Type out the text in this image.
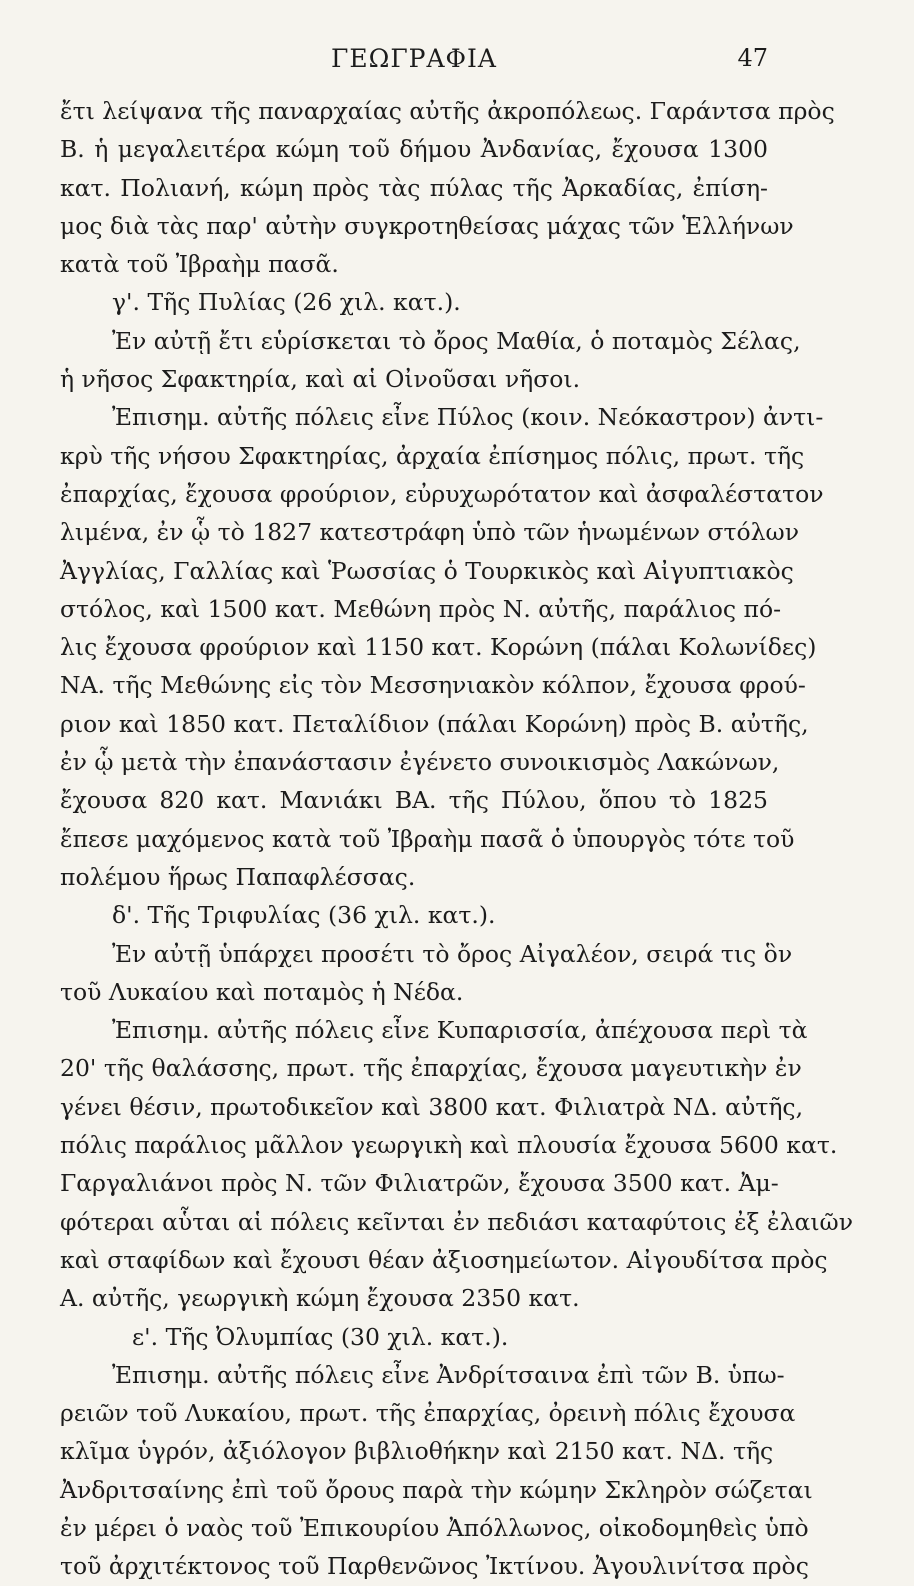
ΓΕΩΓΡΑΦΙΑ	47
ἔτι λείψανα τῆς παναρχαίας αὐτῆς ἀκροπόλεως. Γαράντσα πρὸς
Β. ἡ μεγαλειτέρα κώμη τοῦ δήμου Ἀνδανίας, ἔχουσα 1300
κατ. Πολιανή, κώμη πρὸς τὰς πύλας τῆς Ἀρκαδίας, ἐπίση-
μος διὰ τὰς παρ' αὐτὴν συγκροτηθείσας μάχας τῶν Ἑλλήνων
κατὰ τοῦ Ἰβραὴμ πασᾶ.
γ'. Τῆς Πυλίας (26 χιλ. κατ.).
Ἐν αὐτῇ ἔτι εὑρίσκεται τὸ ὄρος Μαθία, ὁ ποταμὸς Σέλας,
ἡ νῆσος Σφακτηρία, καὶ αἱ Οἰνοῦσαι νῆσοι.
Ἐπισημ. αὐτῆς πόλεις εἶνε Πύλος (κοιν. Νεόκαστρον) ἀντι-
κρὺ τῆς νήσου Σφακτηρίας, ἀρχαία ἐπίσημος πόλις, πρωτ. τῆς
ἐπαρχίας, ἔχουσα φρούριον, εὐρυχωρότατον καὶ ἀσφαλέστατον
λιμένα, ἐν ᾧ τὸ 1827 κατεστράφη ὑπὸ τῶν ἡνωμένων στόλων
Ἀγγλίας, Γαλλίας καὶ Ῥωσσίας ὁ Τουρκικὸς καὶ Αἰγυπτιακὸς
στόλος, καὶ 1500 κατ. Μεθώνη πρὸς Ν. αὐτῆς, παράλιος πό-
λις ἔχουσα φρούριον καὶ 1150 κατ. Κορώνη (πάλαι Κολωνίδες)
ΝΑ. τῆς Μεθώνης εἰς τὸν Μεσσηνιακὸν κόλπον, ἔχουσα φρού-
ριον καὶ 1850 κατ. Πεταλίδιον (πάλαι Κορώνη) πρὸς Β. αὐτῆς,
ἐν ᾧ μετὰ τὴν ἐπανάστασιν ἐγένετο συνοικισμὸς Λακώνων,
ἔχουσα 820 κατ. Μανιάκι ΒΑ. τῆς Πύλου, ὅπου τὸ 1825
ἔπεσε μαχόμενος κατὰ τοῦ Ἰβραὴμ πασᾶ ὁ ὑπουργὸς τότε τοῦ
πολέμου ἥρως Παπαφλέσσας.
δ'. Τῆς Τριφυλίας (36 χιλ. κατ.).
Ἐν αὐτῇ ὑπάρχει προσέτι τὸ ὄρος Αἰγαλέον, σειρά τις ὃν
τοῦ Λυκαίου καὶ ποταμὸς ἡ Νέδα.
Ἐπισημ. αὐτῆς πόλεις εἶνε Κυπαρισσία, ἀπέχουσα περὶ τὰ
20' τῆς θαλάσσης, πρωτ. τῆς ἐπαρχίας, ἔχουσα μαγευτικὴν ἐν
γένει θέσιν, πρωτοδικεῖον καὶ 3800 κατ. Φιλιατρὰ ΝΔ. αὐτῆς,
πόλις παράλιος μᾶλλον γεωργικὴ καὶ πλουσία ἔχουσα 5600 κατ.
Γαργαλιάνοι πρὸς Ν. τῶν Φιλιατρῶν, ἔχουσα 3500 κατ. Ἀμ-
φότεραι αὗται αἱ πόλεις κεῖνται ἐν πεδιάσι καταφύτοις ἐξ ἐλαιῶν
καὶ σταφίδων καὶ ἔχουσι θέαν ἀξιοσημείωτον. Αἰγουδίτσα πρὸς
Α. αὐτῆς, γεωργικὴ κώμη ἔχουσα 2350 κατ.
ε'. Τῆς Ὀλυμπίας (30 χιλ. κατ.).
Ἐπισημ. αὐτῆς πόλεις εἶνε Ἀνδρίτσαινα ἐπὶ τῶν Β. ὑπω-
ρειῶν τοῦ Λυκαίου, πρωτ. τῆς ἐπαρχίας, ὀρεινὴ πόλις ἔχουσα
κλῖμα ὑγρόν, ἀξιόλογον βιβλιοθήκην καὶ 2150 κατ. ΝΔ. τῆς
Ἀνδριτσαίνης ἐπὶ τοῦ ὄρους παρὰ τὴν κώμην Σκληρὸν σώζεται
ἐν μέρει ὁ ναὸς τοῦ Ἐπικουρίου Ἀπόλλωνος, οἰκοδομηθεὶς ὑπὸ
τοῦ ἀρχιτέκτονος τοῦ Παρθενῶνος Ἰκτίνου. Ἀγουλινίτσα πρὸς
